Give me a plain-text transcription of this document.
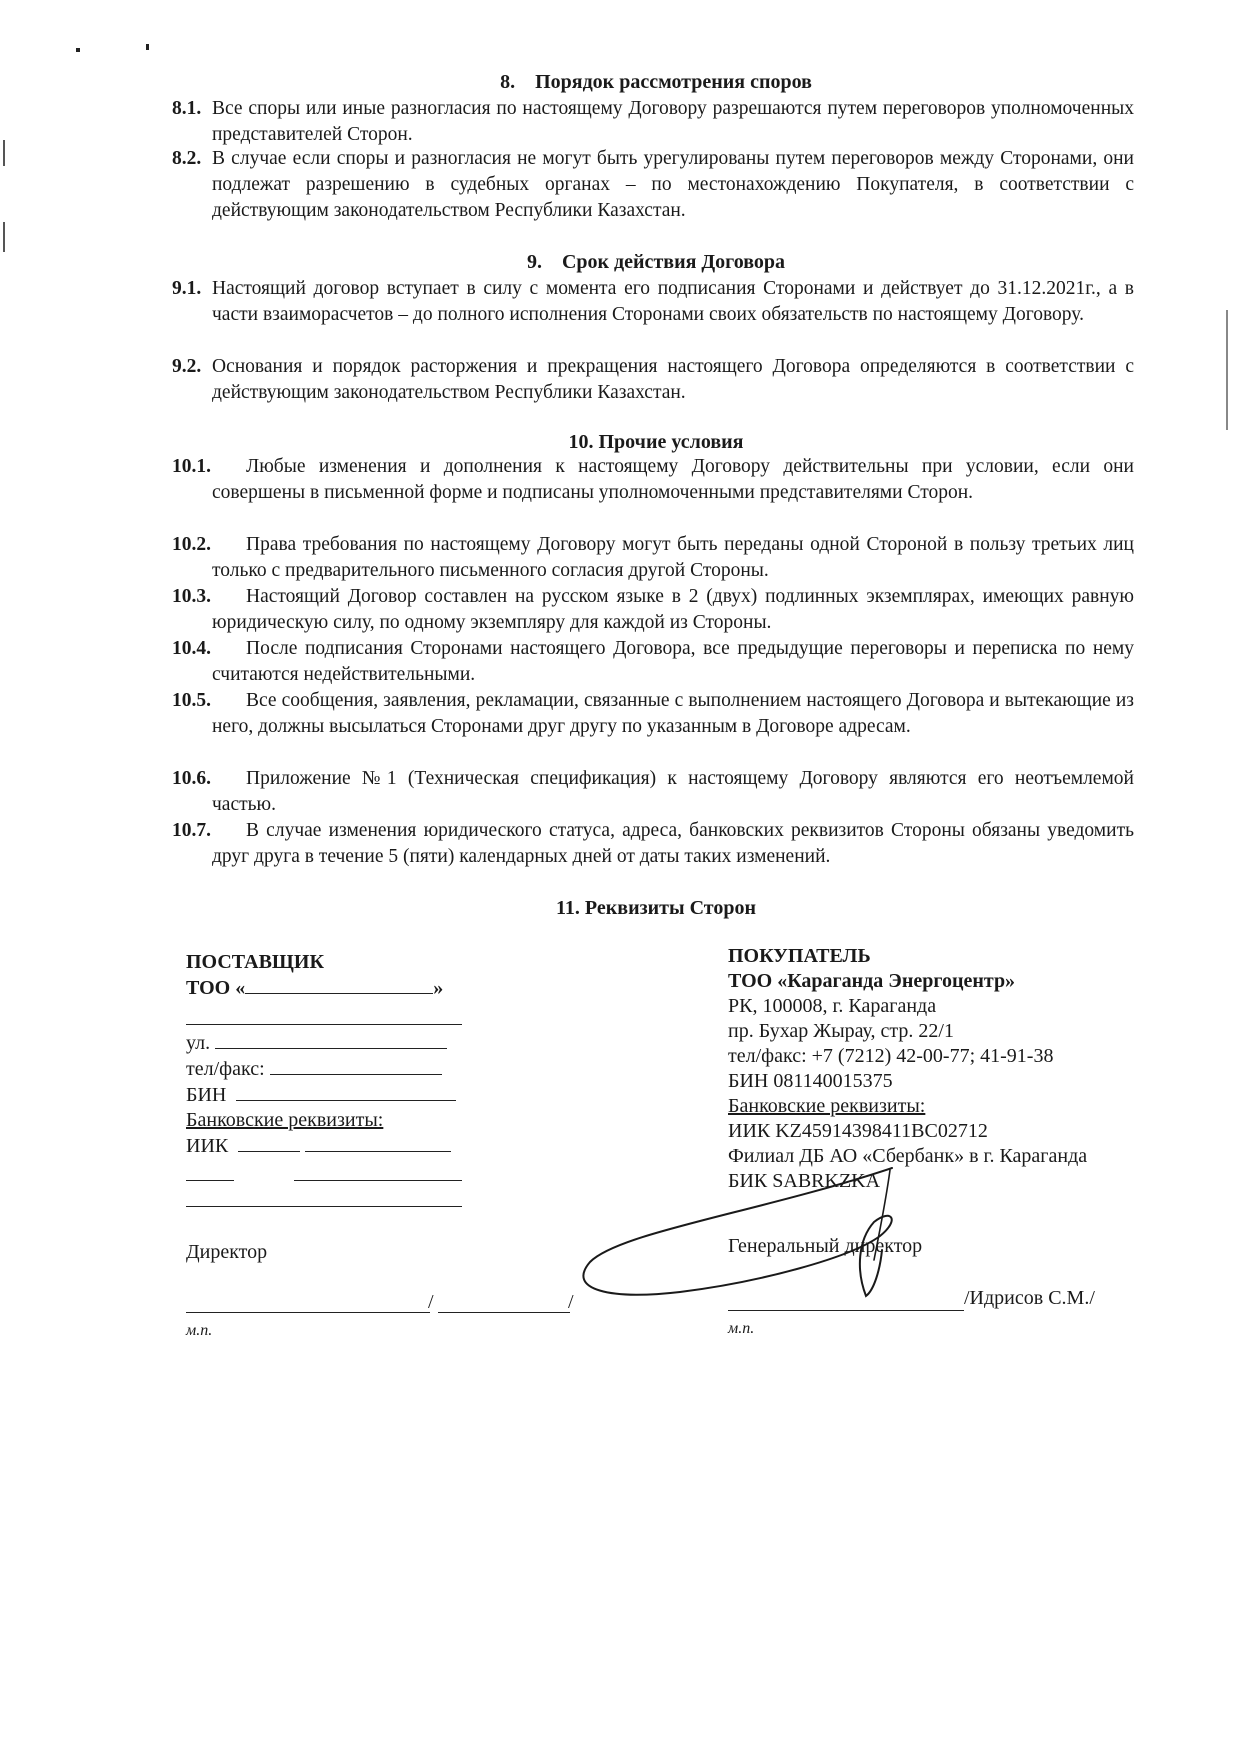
8. Порядок рассмотрения споров
8.1. Все споры или иные разногласия по настоящему Договору разрешаются путем переговоров уполномоченных представителей Сторон.
8.2. В случае если споры и разногласия не могут быть урегулированы путем переговоров между Сторонами, они подлежат разрешению в судебных органах – по местонахождению Покупателя, в соответствии с действующим законодательством Республики Казахстан.
9. Срок действия Договора
9.1. Настоящий договор вступает в силу с момента его подписания Сторонами и действует до 31.12.2021г., а в части взаиморасчетов – до полного исполнения Сторонами своих обязательств по настоящему Договору.
9.2. Основания и порядок расторжения и прекращения настоящего Договора определяются в соответствии с действующим законодательством Республики Казахстан.
10. Прочие условия
10.1.	Любые изменения и дополнения к настоящему Договору действительны при условии, если они совершены в письменной форме и подписаны уполномоченными представителями Сторон.
10.2.	Права требования по настоящему Договору могут быть переданы одной Стороной в пользу третьих лиц только с предварительного письменного согласия другой Стороны.
10.3.	Настоящий Договор составлен на русском языке в 2 (двух) подлинных экземплярах, имеющих равную юридическую силу, по одному экземпляру для каждой из Стороны.
10.4.	После подписания Сторонами настоящего Договора, все предыдущие переговоры и переписка по нему считаются недействительными.
10.5.	Все сообщения, заявления, рекламации, связанные с выполнением настоящего Договора и вытекающие из него, должны высылаться Сторонами друг другу по указанным в Договоре адресам.
10.6.	Приложение №1 (Техническая спецификация) к настоящему Договору являются его неотъемлемой частью.
10.7.	В случае изменения юридического статуса, адреса, банковских реквизитов Стороны обязаны уведомить друг друга в течение 5 (пяти) календарных дней от даты таких изменений.
11. Реквизиты Сторон
ПОСТАВЩИК
ТОО «	»
ул.
тел/факс:
БИН
Банковские реквизиты:
ИИК
Директор
/	/
м.п.
ПОКУПАТЕЛЬ
ТОО «Караганда Энергоцентр»
РК, 100008, г. Караганда
пр. Бухар Жырау, стр. 22/1
тел/факс: +7 (7212) 42-00-77; 41-91-38
БИН 081140015375
Банковские реквизиты:
ИИК KZ45914398411BC02712
Филиал ДБ АО «Сбербанк» в г. Караганда
БИК SABRKZKA
Генеральный директор
/Идрисов С.М./
м.п.
